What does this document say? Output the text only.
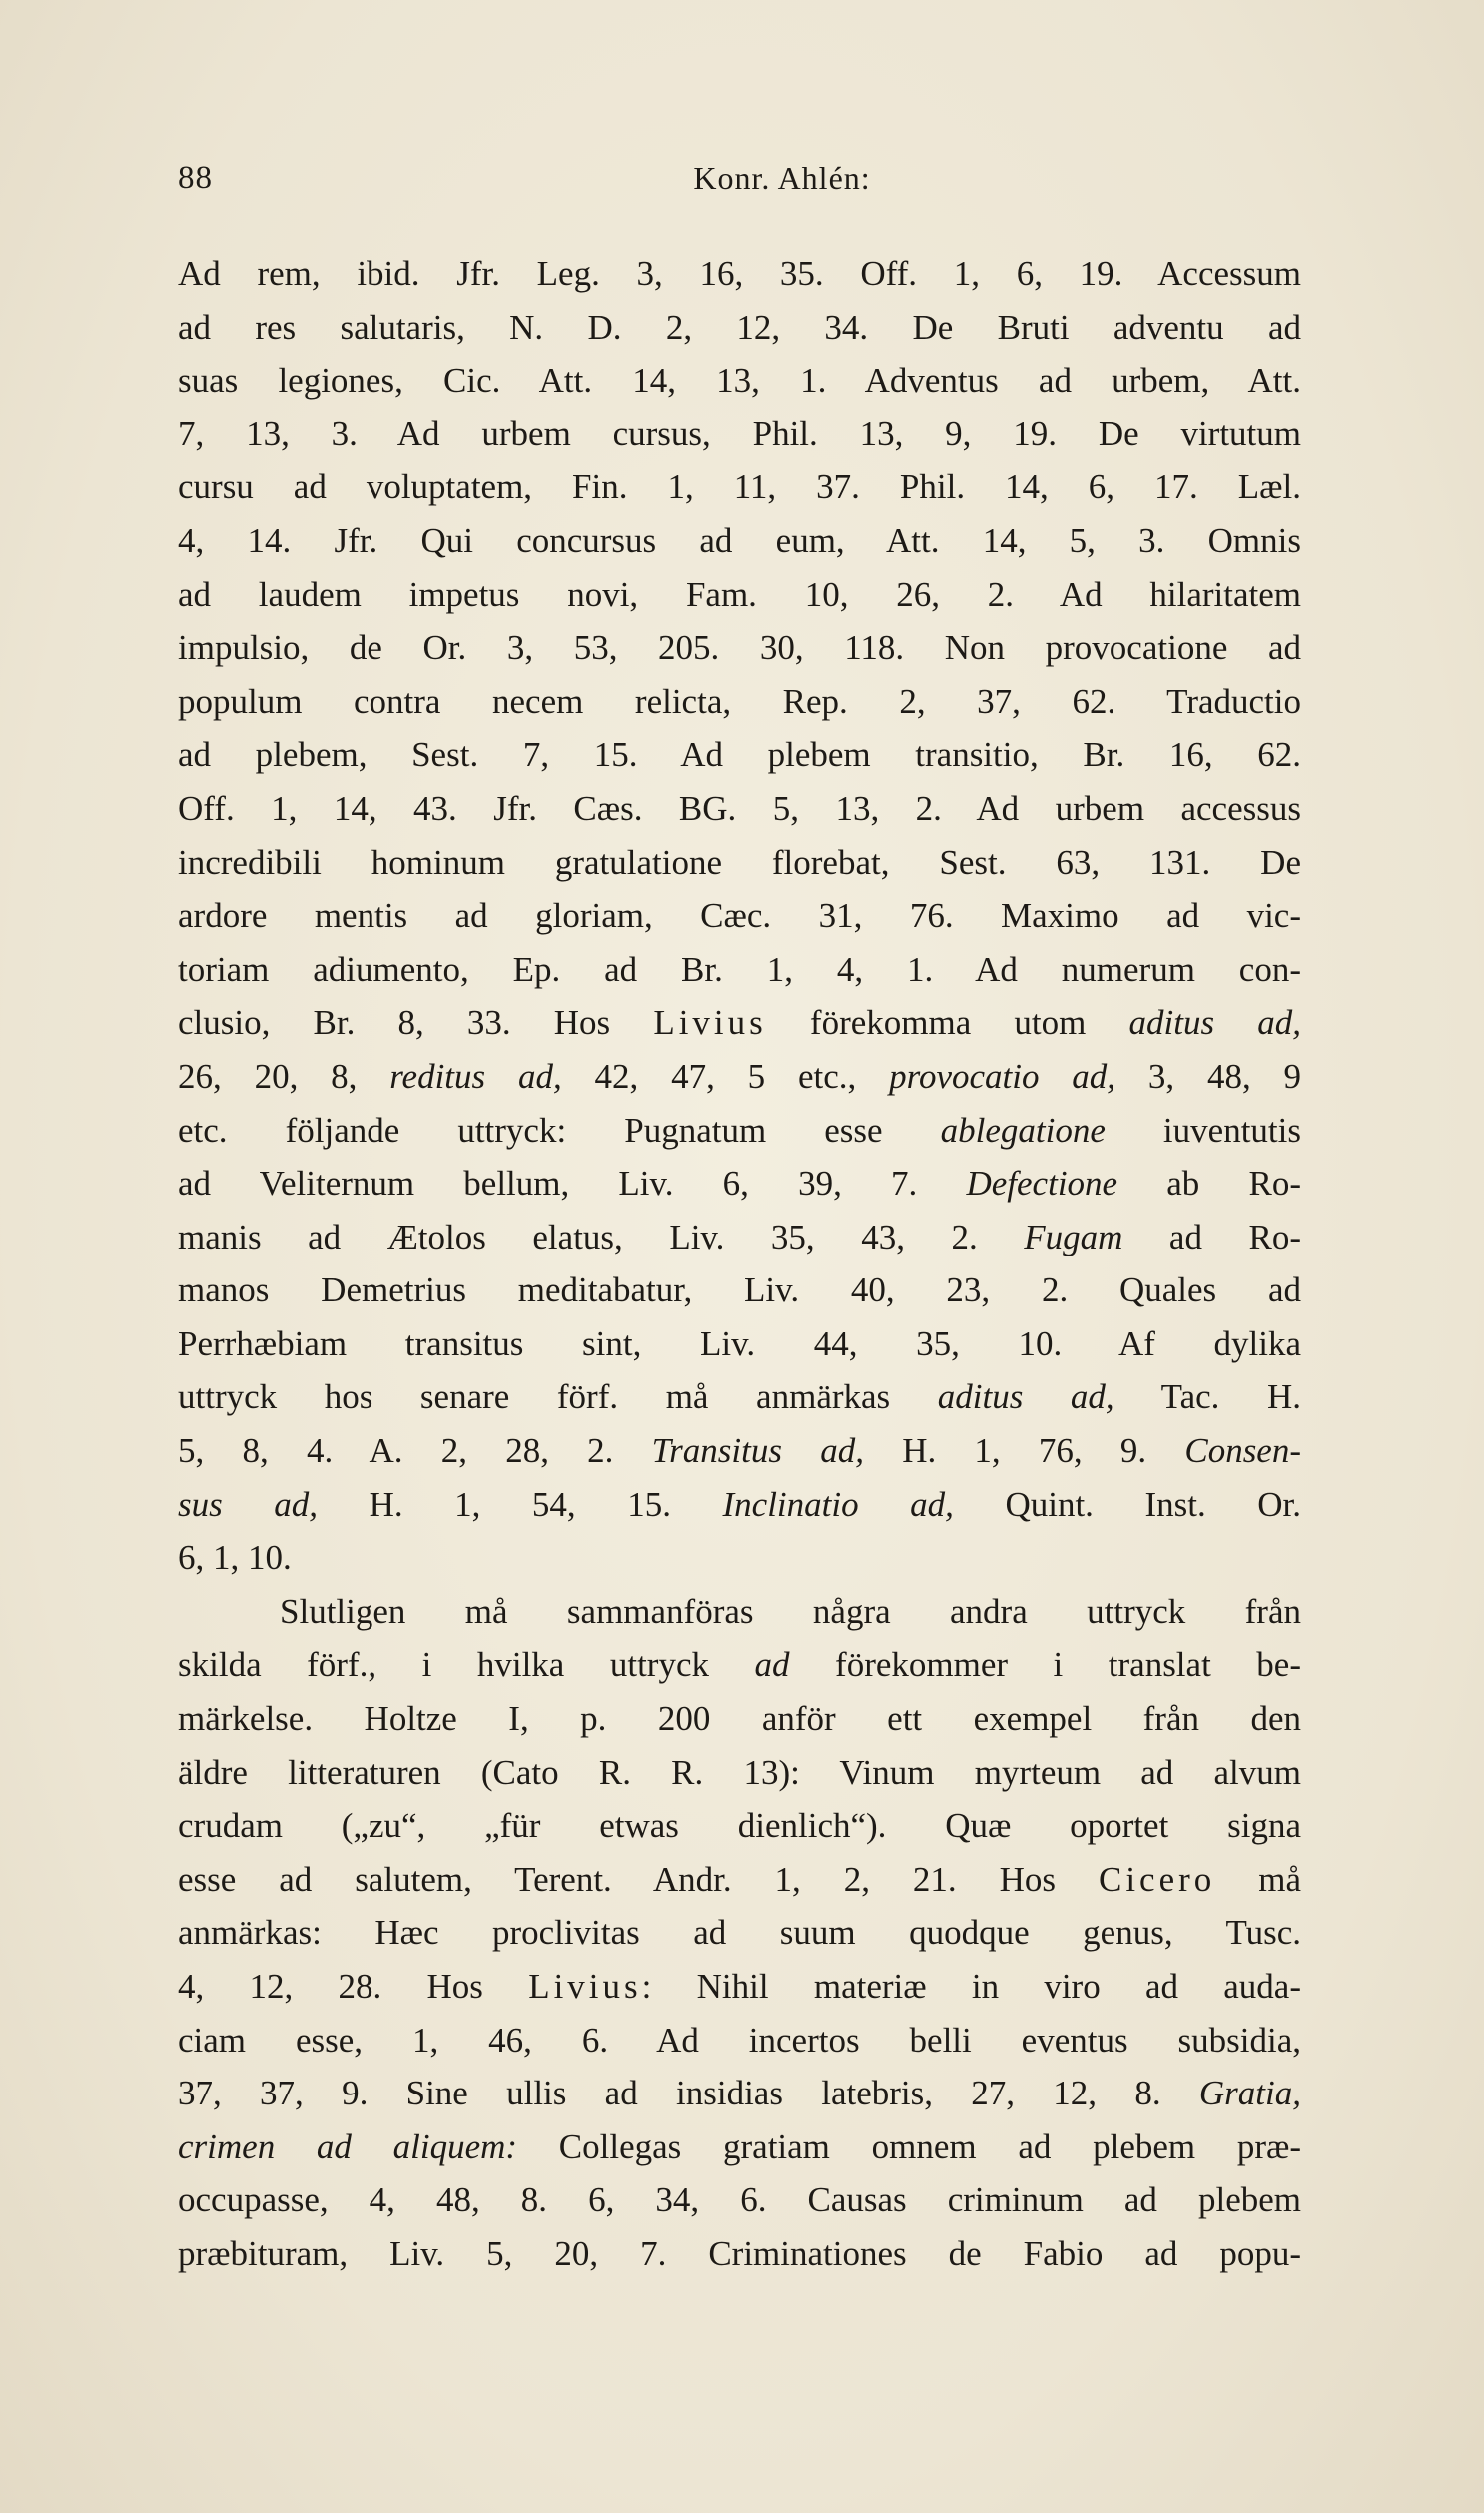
88	Konr. Ahlén:
Ad rem, ibid. Jfr. Leg. 3, 16, 35. Off. 1, 6, 19. Accessum
ad res salutaris, N. D. 2, 12, 34. De Bruti adventu ad
suas legiones, Cic. Att. 14, 13, 1. Adventus ad urbem, Att.
7, 13, 3. Ad urbem cursus, Phil. 13, 9, 19. De virtutum
cursu ad voluptatem, Fin. 1, 11, 37. Phil. 14, 6, 17. Læl.
4, 14. Jfr. Qui concursus ad eum, Att. 14, 5, 3. Omnis
ad laudem impetus novi, Fam. 10, 26, 2. Ad hilaritatem
impulsio, de Or. 3, 53, 205. 30, 118. Non provocatione ad
populum contra necem relicta, Rep. 2, 37, 62. Traductio
ad plebem, Sest. 7, 15. Ad plebem transitio, Br. 16, 62.
Off. 1, 14, 43. Jfr. Cæs. BG. 5, 13, 2. Ad urbem accessus
incredibili hominum gratulatione florebat, Sest. 63, 131. De
ardore mentis ad gloriam, Cæc. 31, 76. Maximo ad vic-
toriam adiumento, Ep. ad Br. 1, 4, 1. Ad numerum con-
clusio, Br. 8, 33. Hos Livius förekomma utom aditus ad,
26, 20, 8, reditus ad, 42, 47, 5 etc., provocatio ad, 3, 48, 9
etc. följande uttryck: Pugnatum esse ablegatione iuventutis
ad Veliternum bellum, Liv. 6, 39, 7. Defectione ab Ro-
manis ad Ætolos elatus, Liv. 35, 43, 2. Fugam ad Ro-
manos Demetrius meditabatur, Liv. 40, 23, 2. Quales ad
Perrhæbiam transitus sint, Liv. 44, 35, 10. Af dylika
uttryck hos senare förf. må anmärkas aditus ad, Tac. H.
5, 8, 4. A. 2, 28, 2. Transitus ad, H. 1, 76, 9. Consen-
sus ad, H. 1, 54, 15. Inclinatio ad, Quint. Inst. Or.
6, 1, 10.
Slutligen må sammanföras några andra uttryck från
skilda förf., i hvilka uttryck ad förekommer i translat be-
märkelse. Holtze I, p. 200 anför ett exempel från den
äldre litteraturen (Cato R. R. 13): Vinum myrteum ad alvum
crudam („zu“, „für etwas dienlich“). Quæ oportet signa
esse ad salutem, Terent. Andr. 1, 2, 21. Hos Cicero må
anmärkas: Hæc proclivitas ad suum quodque genus, Tusc.
4, 12, 28. Hos Livius: Nihil materiæ in viro ad auda-
ciam esse, 1, 46, 6. Ad incertos belli eventus subsidia,
37, 37, 9. Sine ullis ad insidias latebris, 27, 12, 8. Gratia,
crimen ad aliquem: Collegas gratiam omnem ad plebem præ-
occupasse, 4, 48, 8. 6, 34, 6. Causas criminum ad plebem
præbituram, Liv. 5, 20, 7. Criminationes de Fabio ad popu-
